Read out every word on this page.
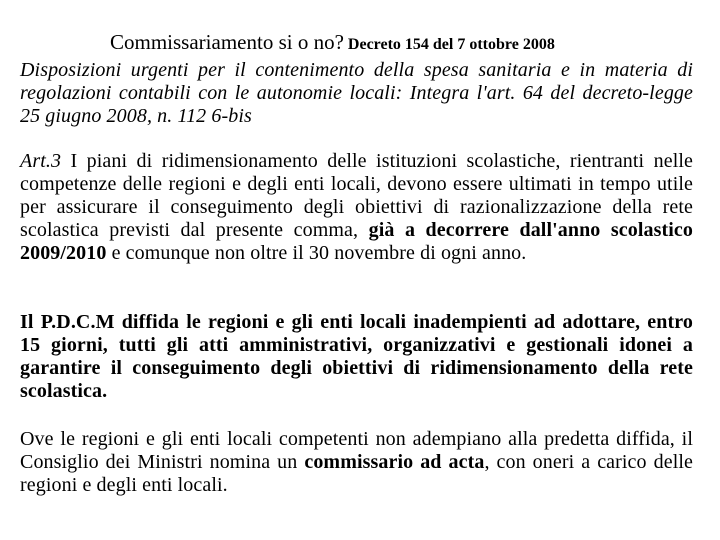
Commissariamento si o no? Decreto 154 del 7 ottobre 2008
Disposizioni urgenti per il contenimento della spesa sanitaria e in materia di regolazioni contabili con le autonomie locali: Integra l'art. 64 del decreto-legge 25 giugno 2008, n. 112 6-bis
Art.3 I piani di ridimensionamento delle istituzioni scolastiche, rientranti nelle competenze delle regioni e degli enti locali, devono essere ultimati in tempo utile per assicurare il conseguimento degli obiettivi di razionalizzazione della rete scolastica previsti dal presente comma, già a decorrere dall'anno scolastico 2009/2010 e comunque non oltre il 30 novembre di ogni anno.
Il P.D.C.M diffida le regioni e gli enti locali inadempienti ad adottare, entro 15 giorni, tutti gli atti amministrativi, organizzativi e gestionali idonei a garantire il conseguimento degli obiettivi di ridimensionamento della rete scolastica.
Ove le regioni e gli enti locali competenti non adempiano alla predetta diffida, il Consiglio dei Ministri nomina un commissario ad acta, con oneri a carico delle regioni e degli enti locali.
